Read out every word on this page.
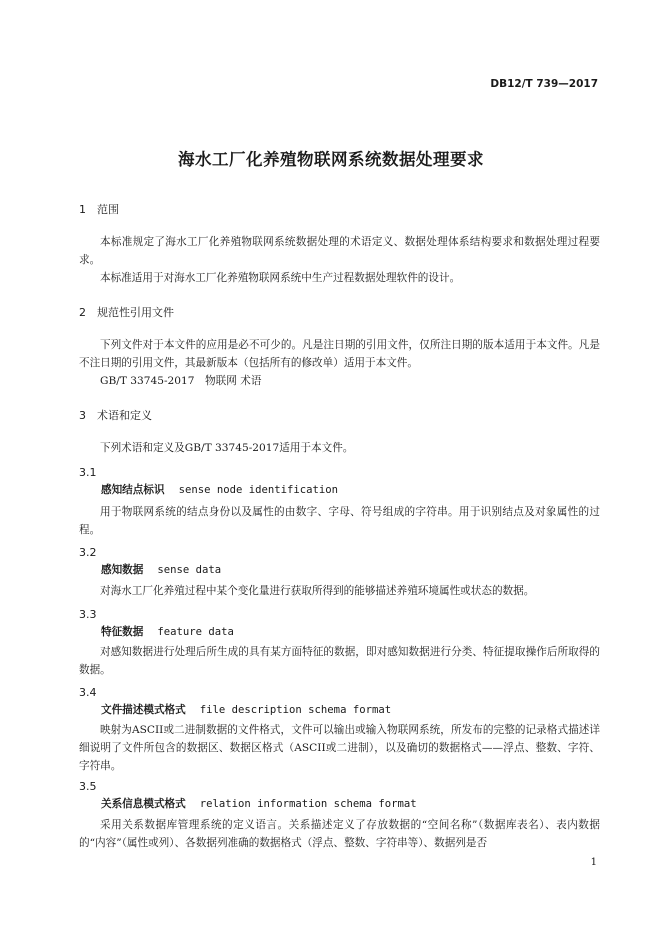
DB12/T 739—2017
海水工厂化养殖物联网系统数据处理要求
1 范围
本标准规定了海水工厂化养殖物联网系统数据处理的术语定义、数据处理体系结构要求和数据处理过程要求。
本标准适用于对海水工厂化养殖物联网系统中生产过程数据处理软件的设计。
2 规范性引用文件
下列文件对于本文件的应用是必不可少的。凡是注日期的引用文件，仅所注日期的版本适用于本文件。凡是不注日期的引用文件，其最新版本（包括所有的修改单）适用于本文件。
GB/T 33745-2017　物联网 术语
3 术语和定义
下列术语和定义及GB/T 33745-2017适用于本文件。
3.1
感知结点标识 sense node identification
用于物联网系统的结点身份以及属性的由数字、字母、符号组成的字符串。用于识别结点及对象属性的过程。
3.2
感知数据 sense data
对海水工厂化养殖过程中某个变化量进行获取所得到的能够描述养殖环境属性或状态的数据。
3.3
特征数据 feature data
对感知数据进行处理后所生成的具有某方面特征的数据，即对感知数据进行分类、特征提取操作后所取得的数据。
3.4
文件描述模式格式 file description schema format
映射为ASCII或二进制数据的文件格式，文件可以输出或输入物联网系统，所发布的完整的记录格式描述详细说明了文件所包含的数据区、数据区格式（ASCII或二进制），以及确切的数据格式——浮点、整数、字符、字符串。
3.5
关系信息模式格式 relation information schema format
采用关系数据库管理系统的定义语言。关系描述定义了存放数据的“空间名称”（数据库表名）、表内数据的“内容”（属性或列）、各数据列准确的数据格式（浮点、整数、字符串等）、数据列是否
1
